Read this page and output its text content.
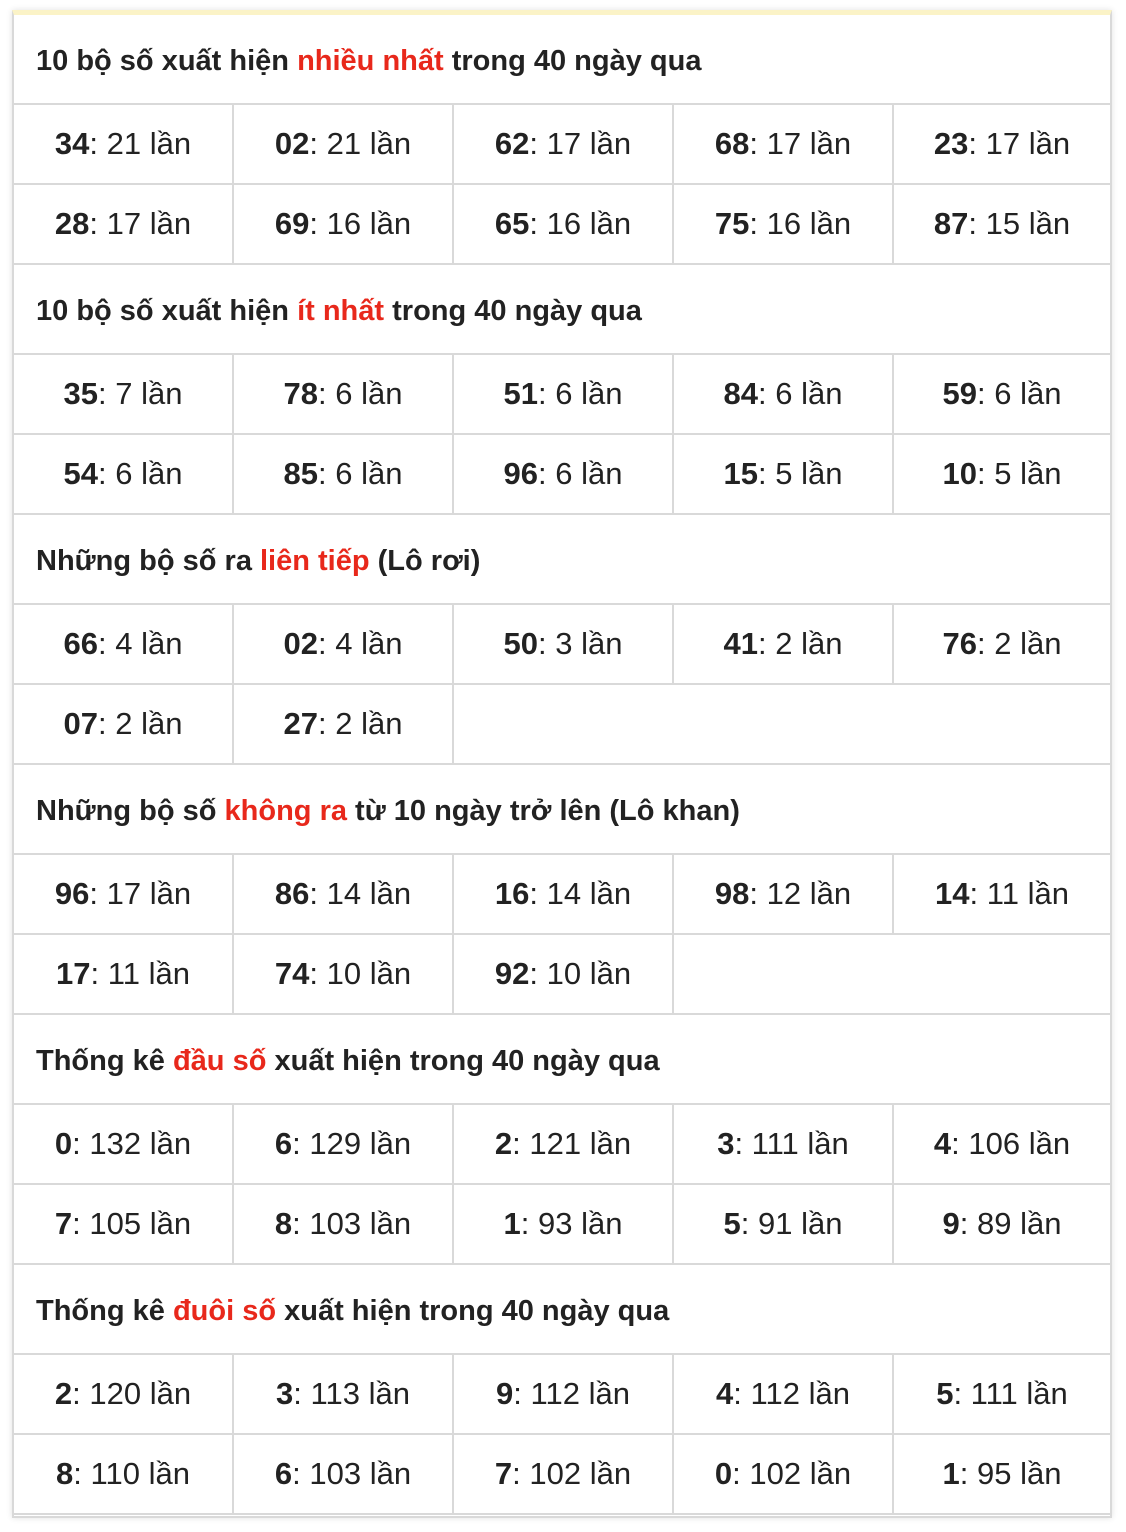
10 bộ số xuất hiện nhiều nhất trong 40 ngày qua
34: 21 lần	02: 21 lần	62: 17 lần	68: 17 lần	23: 17 lần
28: 17 lần	69: 16 lần	65: 16 lần	75: 16 lần	87: 15 lần
10 bộ số xuất hiện ít nhất trong 40 ngày qua
35: 7 lần	78: 6 lần	51: 6 lần	84: 6 lần	59: 6 lần
54: 6 lần	85: 6 lần	96: 6 lần	15: 5 lần	10: 5 lần
Những bộ số ra liên tiếp (Lô rơi)
66: 4 lần	02: 4 lần	50: 3 lần	41: 2 lần	76: 2 lần
07: 2 lần	27: 2 lần
Những bộ số không ra từ 10 ngày trở lên (Lô khan)
96: 17 lần	86: 14 lần	16: 14 lần	98: 12 lần	14: 11 lần
17: 11 lần	74: 10 lần	92: 10 lần
Thống kê đầu số xuất hiện trong 40 ngày qua
0: 132 lần	6: 129 lần	2: 121 lần	3: 111 lần	4: 106 lần
7: 105 lần	8: 103 lần	1: 93 lần	5: 91 lần	9: 89 lần
Thống kê đuôi số xuất hiện trong 40 ngày qua
2: 120 lần	3: 113 lần	9: 112 lần	4: 112 lần	5: 111 lần
8: 110 lần	6: 103 lần	7: 102 lần	0: 102 lần	1: 95 lần
